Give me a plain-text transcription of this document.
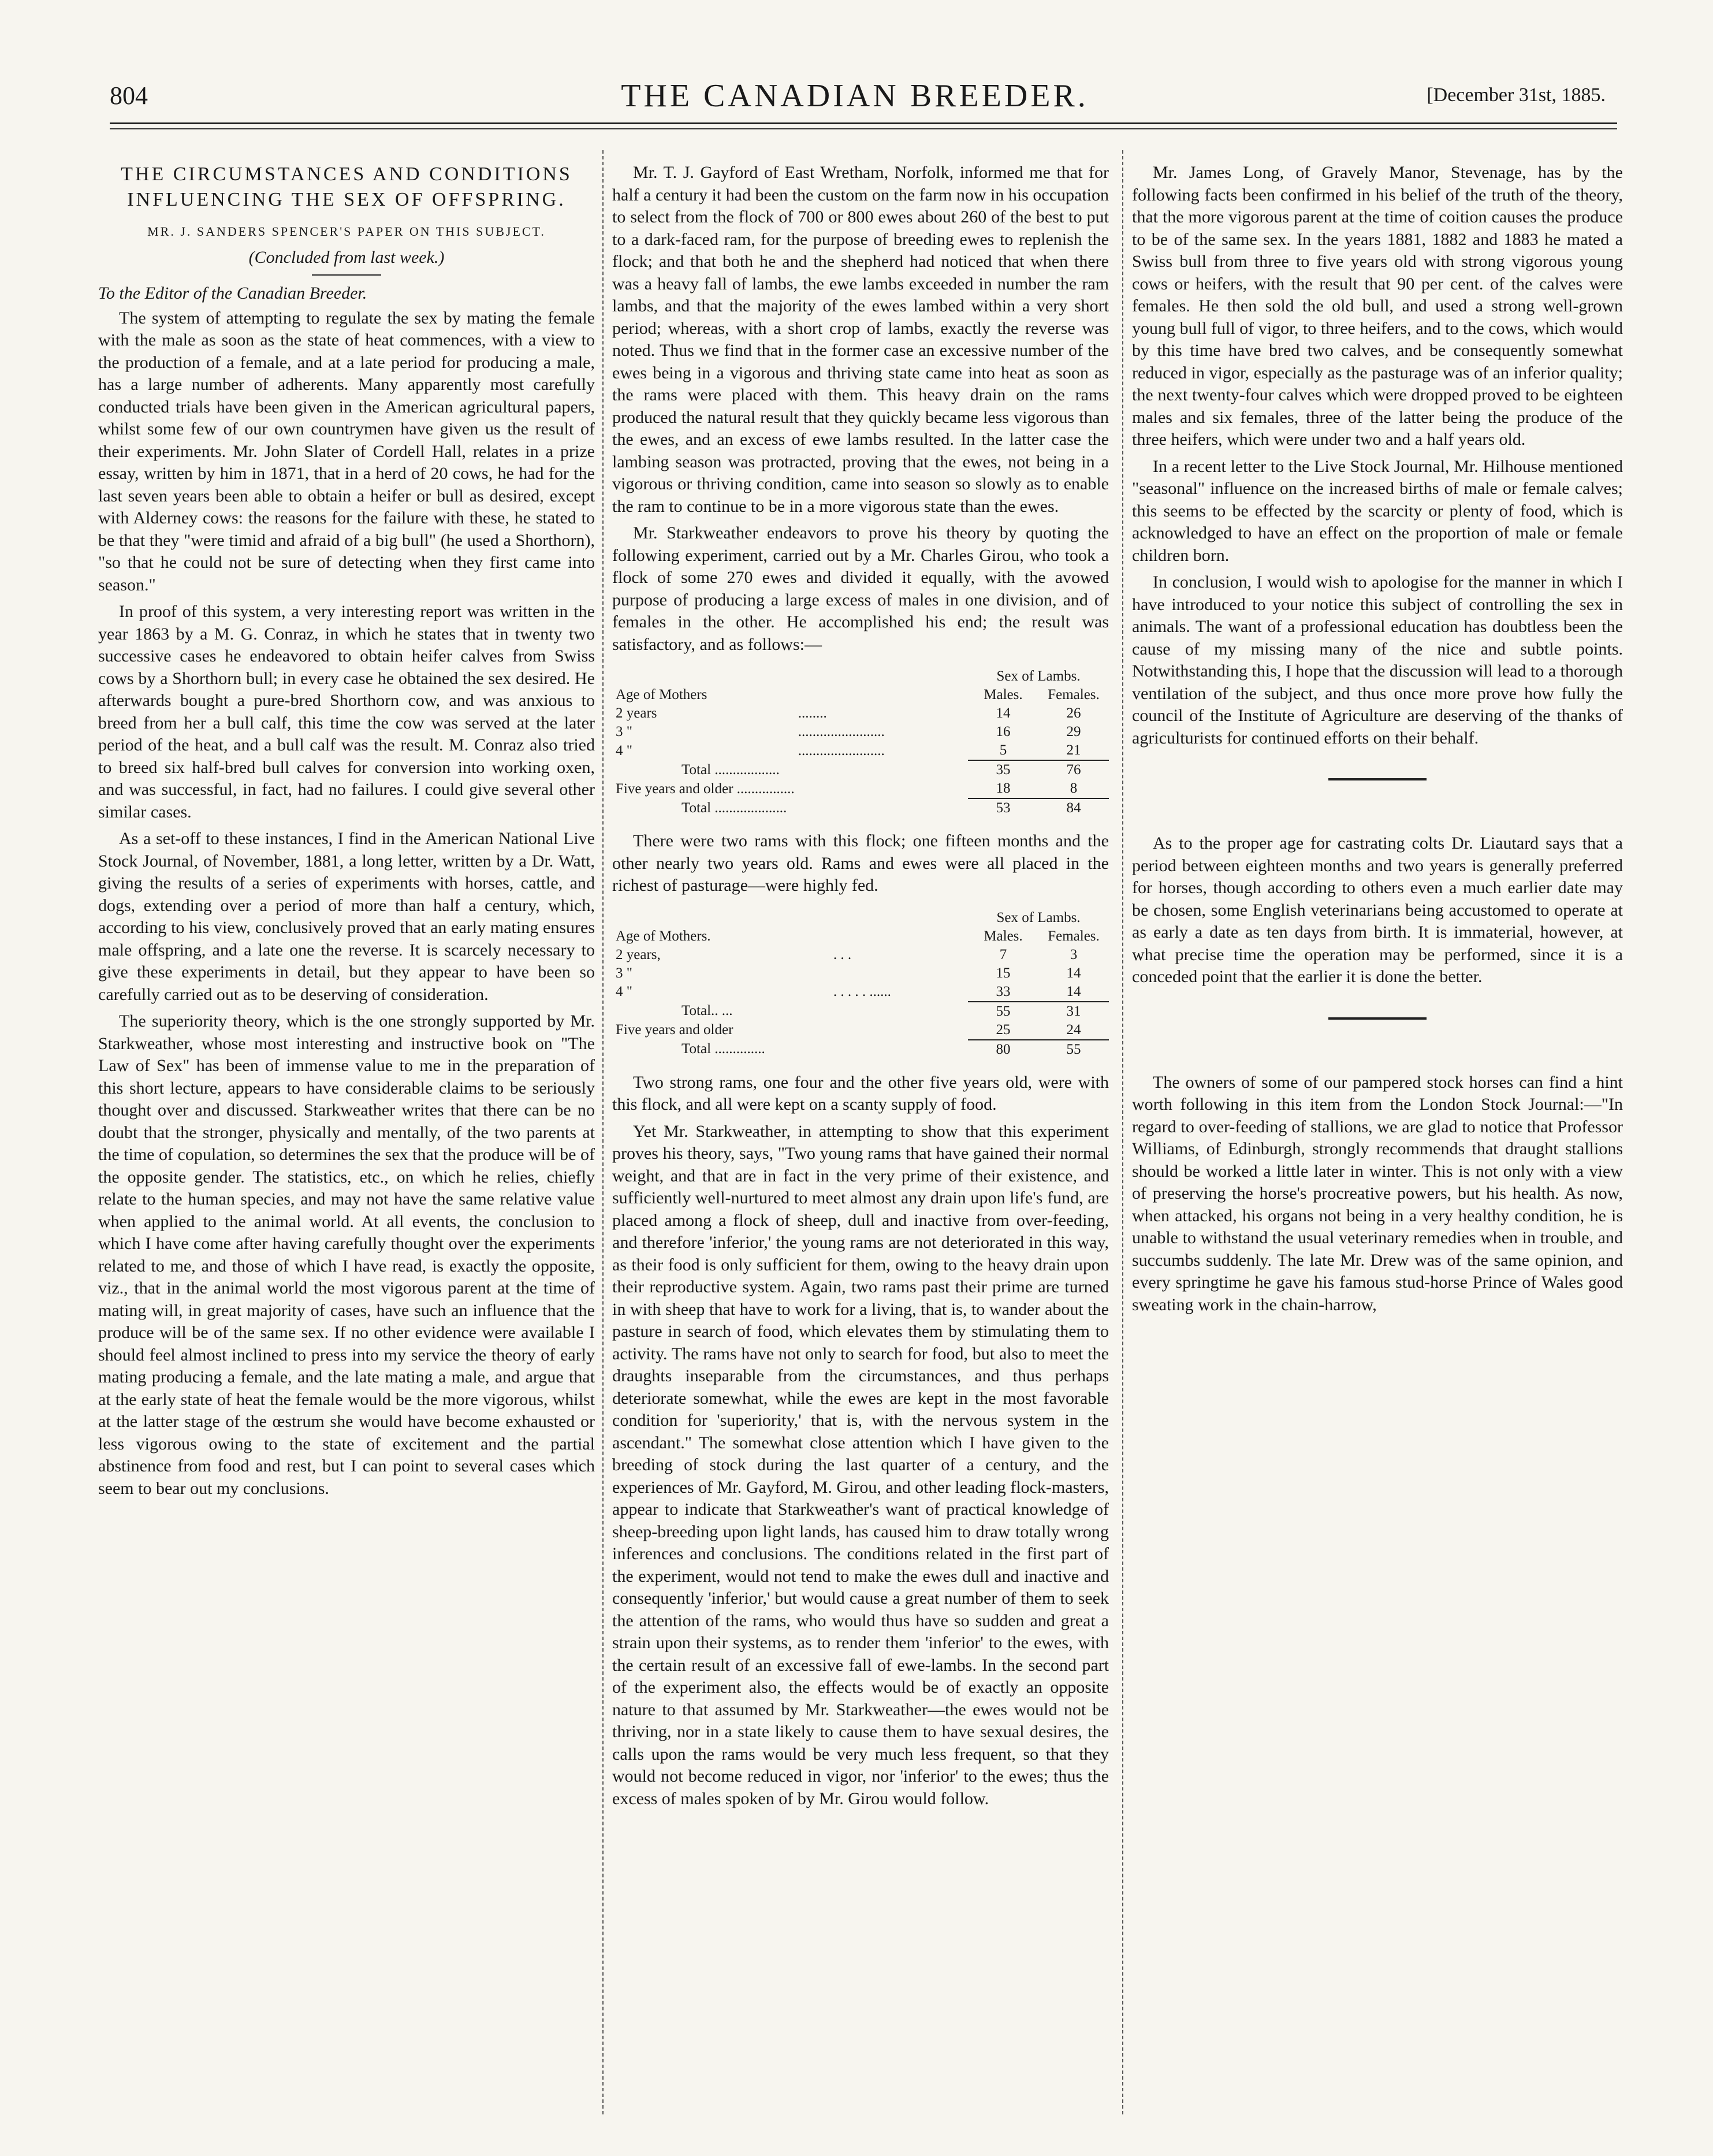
804	THE CANADIAN BREEDER.	[December 31st, 1885.
THE CIRCUMSTANCES AND CONDITIONS INFLUENCING THE SEX OF OFFSPRING.
MR. J. SANDERS SPENCER'S PAPER ON THIS SUBJECT.
(Concluded from last week.)
To the Editor of the Canadian Breeder.

The system of attempting to regulate the sex by mating the female with the male as soon as the state of heat commences, with a view to the production of a female, and at a late period for producing a male, has a large number of adherents. Many apparently most carefully conducted trials have been given in the American agricultural papers, whilst some few of our own countrymen have given us the result of their experiments. Mr. John Slater of Cordell Hall, relates in a prize essay, written by him in 1871, that in a herd of 20 cows, he had for the last seven years been able to obtain a heifer or bull as desired, except with Alderney cows: the reasons for the failure with these, he stated to be that they "were timid and afraid of a big bull" (he used a Shorthorn), "so that he could not be sure of detecting when they first came into season."

In proof of this system, a very interesting report was written in the year 1863 by a M. G. Conraz, in which he states that in twenty two successive cases he endeavored to obtain heifer calves from Swiss cows by a Shorthorn bull; in every case he obtained the sex desired. He afterwards bought a pure-bred Shorthorn cow, and was anxious to breed from her a bull calf, this time the cow was served at the later period of the heat, and a bull calf was the result. M. Conraz also tried to breed six half-bred bull calves for conversion into working oxen, and was successful, in fact, had no failures. I could give several other similar cases.

As a set-off to these instances, I find in the American National Live Stock Journal, of November, 1881, a long letter, written by a Dr. Watt, giving the results of a series of experiments with horses, cattle, and dogs, extending over a period of more than half a century, which, according to his view, conclusively proved that an early mating ensures male offspring, and a late one the reverse. It is scarcely necessary to give these experiments in detail, but they appear to have been so carefully carried out as to be deserving of consideration.

The superiority theory, which is the one strongly supported by Mr. Starkweather, whose most interesting and instructive book on "The Law of Sex" has been of immense value to me in the preparation of this short lecture, appears to have considerable claims to be seriously thought over and discussed. Starkweather writes that there can be no doubt that the stronger, physically and mentally, of the two parents at the time of copulation, so determines the sex that the produce will be of the opposite gender. The statistics, etc., on which he relies, chiefly relate to the human species, and may not have the same relative value when applied to the animal world. At all events, the conclusion to which I have come after having carefully thought over the experiments related to me, and those of which I have read, is exactly the opposite, viz., that in the animal world the most vigorous parent at the time of mating will, in great majority of cases, have such an influence that the produce will be of the same sex. If no other evidence were available I should feel almost inclined to press into my service the theory of early mating producing a female, and the late mating a male, and argue that at the early state of heat the female would be the more vigorous, whilst at the latter stage of the œstrum she would have become exhausted or less vigorous owing to the state of excitement and the partial abstinence from food and rest, but I can point to several cases which seem to bear out my conclusions.

Mr. T. J. Gayford of East Wretham, Norfolk, informed me that for half a century it had been the custom on the farm now in his occupation to select from the flock of 700 or 800 ewes about 260 of the best to put to a dark-faced ram, for the purpose of breeding ewes to replenish the flock; and that both he and the shepherd had noticed that when there was a heavy fall of lambs, the ewe lambs exceeded in number the ram lambs, and that the majority of the ewes lambed within a very short period; whereas, with a short crop of lambs, exactly the reverse was noted. Thus we find that in the former case an excessive number of the ewes being in a vigorous and thriving state came into heat as soon as the rams were placed with them. This heavy drain on the rams produced the natural result that they quickly became less vigorous than the ewes, and an excess of ewe lambs resulted. In the latter case the lambing season was protracted, proving that the ewes, not being in a vigorous or thriving condition, came into season so slowly as to enable the ram to continue to be in a more vigorous state than the ewes.

Mr. Starkweather endeavors to prove his theory by quoting the following experiment, carried out by a Mr. Charles Girou, who took a flock of some 270 ewes and divided it equally, with the avowed purpose of producing a large excess of males in one division, and of females in the other. He accomplished his end; the result was satisfactory, and as follows:—

		Sex of Lambs.	
Age of Mothers		Males.	Females.
2 years	........	14	26
3 "	........................	16	29
4 "	........................	5	21
Total ..................		35	76
Five years and older ................		18	8
Total ....................		53	84

There were two rams with this flock; one fifteen months and the other nearly two years old. Rams and ewes were all placed in the richest of pasturage—were highly fed.

		Sex of Lambs.	
Age of Mothers.		Males.	Females.
2 years,	. . .	7	3
3 "		15	14
4 "	. . . . . ......	33	14
Total.. ...		55	31
Five years and older		25	24
Total ..............		80	55

Two strong rams, one four and the other five years old, were with this flock, and all were kept on a scanty supply of food.

Yet Mr. Starkweather, in attempting to show that this experiment proves his theory, says, "Two young rams that have gained their normal weight, and that are in fact in the very prime of their existence, and sufficiently well-nurtured to meet almost any drain upon life's fund, are placed among a flock of sheep, dull and inactive from over-feeding, and therefore 'inferior,' the young rams are not deteriorated in this way, as their food is only sufficient for them, owing to the heavy drain upon their reproductive system. Again, two rams past their prime are turned in with sheep that have to work for a living, that is, to wander about the pasture in search of food, which elevates them by stimulating them to activity. The rams have not only to search for food, but also to meet the draughts inseparable from the circumstances, and thus perhaps deteriorate somewhat, while the ewes are kept in the most favorable condition for 'superiority,' that is, with the nervous system in the ascendant." The somewhat close attention which I have given to the breeding of stock during the last quarter of a century, and the experiences of Mr. Gayford, M. Girou, and other leading flock-masters, appear to indicate that Starkweather's want of practical knowledge of sheep-breeding upon light lands, has caused him to draw totally wrong inferences and conclusions. The conditions related in the first part of the experiment, would not tend to make the ewes dull and inactive and consequently 'inferior,' but would cause a great number of them to seek the attention of the rams, who would thus have so sudden and great a strain upon their systems, as to render them 'inferior' to the ewes, with the certain result of an excessive fall of ewe-lambs. In the second part of the experiment also, the effects would be of exactly an opposite nature to that assumed by Mr. Starkweather—the ewes would not be thriving, nor in a state likely to cause them to have sexual desires, the calls upon the rams would be very much less frequent, so that they would not become reduced in vigor, nor 'inferior' to the ewes; thus the excess of males spoken of by Mr. Girou would follow.

Mr. James Long, of Gravely Manor, Stevenage, has by the following facts been confirmed in his belief of the truth of the theory, that the more vigorous parent at the time of coition causes the produce to be of the same sex. In the years 1881, 1882 and 1883 he mated a Swiss bull from three to five years old with strong vigorous young cows or heifers, with the result that 90 per cent. of the calves were females. He then sold the old bull, and used a strong well-grown young bull full of vigor, to three heifers, and to the cows, which would by this time have bred two calves, and be consequently somewhat reduced in vigor, especially as the pasturage was of an inferior quality; the next twenty-four calves which were dropped proved to be eighteen males and six females, three of the latter being the produce of the three heifers, which were under two and a half years old.

In a recent letter to the Live Stock Journal, Mr. Hilhouse mentioned "seasonal" influence on the increased births of male or female calves; this seems to be effected by the scarcity or plenty of food, which is acknowledged to have an effect on the proportion of male or female children born.

In conclusion, I would wish to apologise for the manner in which I have introduced to your notice this subject of controlling the sex in animals. The want of a professional education has doubtless been the cause of my missing many of the nice and subtle points. Notwithstanding this, I hope that the discussion will lead to a thorough ventilation of the subject, and thus once more prove how fully the council of the Institute of Agriculture are deserving of the thanks of agriculturists for continued efforts on their behalf.

As to the proper age for castrating colts Dr. Liautard says that a period between eighteen months and two years is generally preferred for horses, though according to others even a much earlier date may be chosen, some English veterinarians being accustomed to operate at as early a date as ten days from birth. It is immaterial, however, at what precise time the operation may be performed, since it is a conceded point that the earlier it is done the better.

The owners of some of our pampered stock horses can find a hint worth following in this item from the London Stock Journal:—"In regard to over-feeding of stallions, we are glad to notice that Professor Williams, of Edinburgh, strongly recommends that draught stallions should be worked a little later in winter. This is not only with a view of preserving the horse's procreative powers, but his health. As now, when attacked, his organs not being in a very healthy condition, he is unable to withstand the usual veterinary remedies when in trouble, and succumbs suddenly. The late Mr. Drew was of the same opinion, and every springtime he gave his famous stud-horse Prince of Wales good sweating work in the chain-harrow,
